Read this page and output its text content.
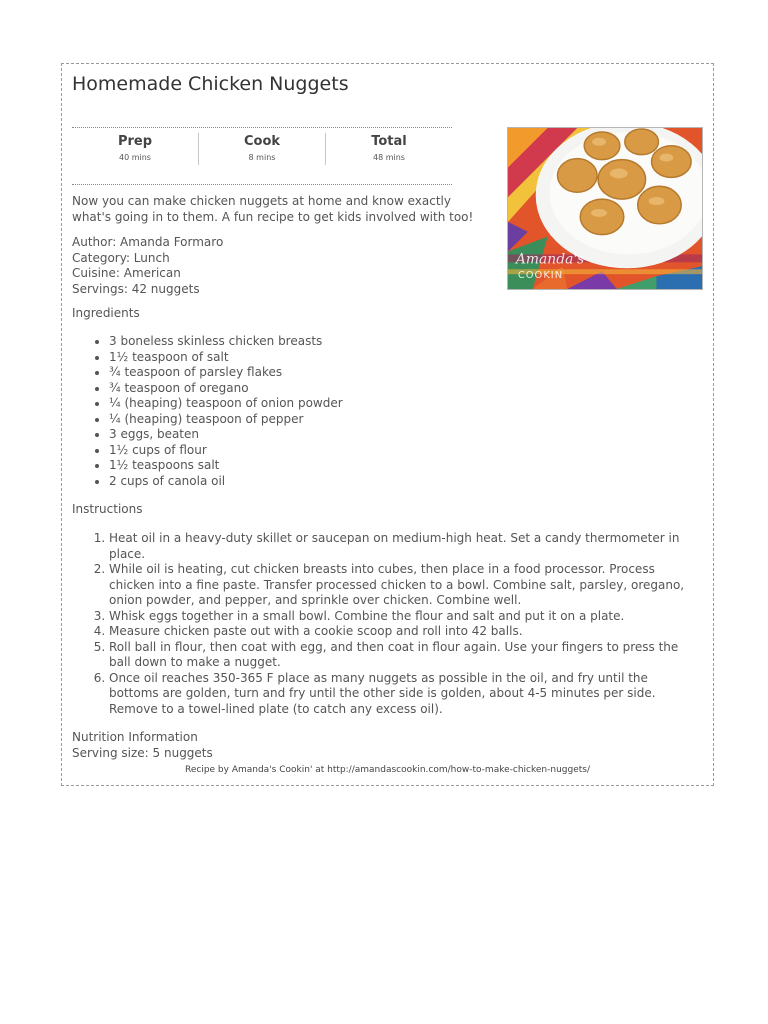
Homemade Chicken Nuggets
Prep
40 mins
Cook
8 mins
Total
48 mins
Amanda's
COOKIN

Now you can make chicken nuggets at home and know exactly what's going in to them. A fun recipe to get kids involved with too!

Author: Amanda Formaro
Category: Lunch
Cuisine: American
Servings: 42 nuggets
Ingredients
• 3 boneless skinless chicken breasts
• 1½ teaspoon of salt
• ¾ teaspoon of parsley flakes
• ¾ teaspoon of oregano
• ¼ (heaping) teaspoon of onion powder
• ¼ (heaping) teaspoon of pepper
• 3 eggs, beaten
• 1½ cups of flour
• 1½ teaspoons salt
• 2 cups of canola oil
Instructions
1. Heat oil in a heavy-duty skillet or saucepan on medium-high heat. Set a candy thermometer in place.
2. While oil is heating, cut chicken breasts into cubes, then place in a food processor. Process chicken into a fine paste. Transfer processed chicken to a bowl. Combine salt, parsley, oregano, onion powder, and pepper, and sprinkle over chicken. Combine well.
3. Whisk eggs together in a small bowl. Combine the flour and salt and put it on a plate.
4. Measure chicken paste out with a cookie scoop and roll into 42 balls.
5. Roll ball in flour, then coat with egg, and then coat in flour again. Use your fingers to press the ball down to make a nugget.
6. Once oil reaches 350-365 F place as many nuggets as possible in the oil, and fry until the bottoms are golden, turn and fry until the other side is golden, about 4-5 minutes per side. Remove to a towel-lined plate (to catch any excess oil).
Nutrition Information
Serving size: 5 nuggets
Recipe by Amanda's Cookin' at http://amandascookin.com/how-to-make-chicken-nuggets/
